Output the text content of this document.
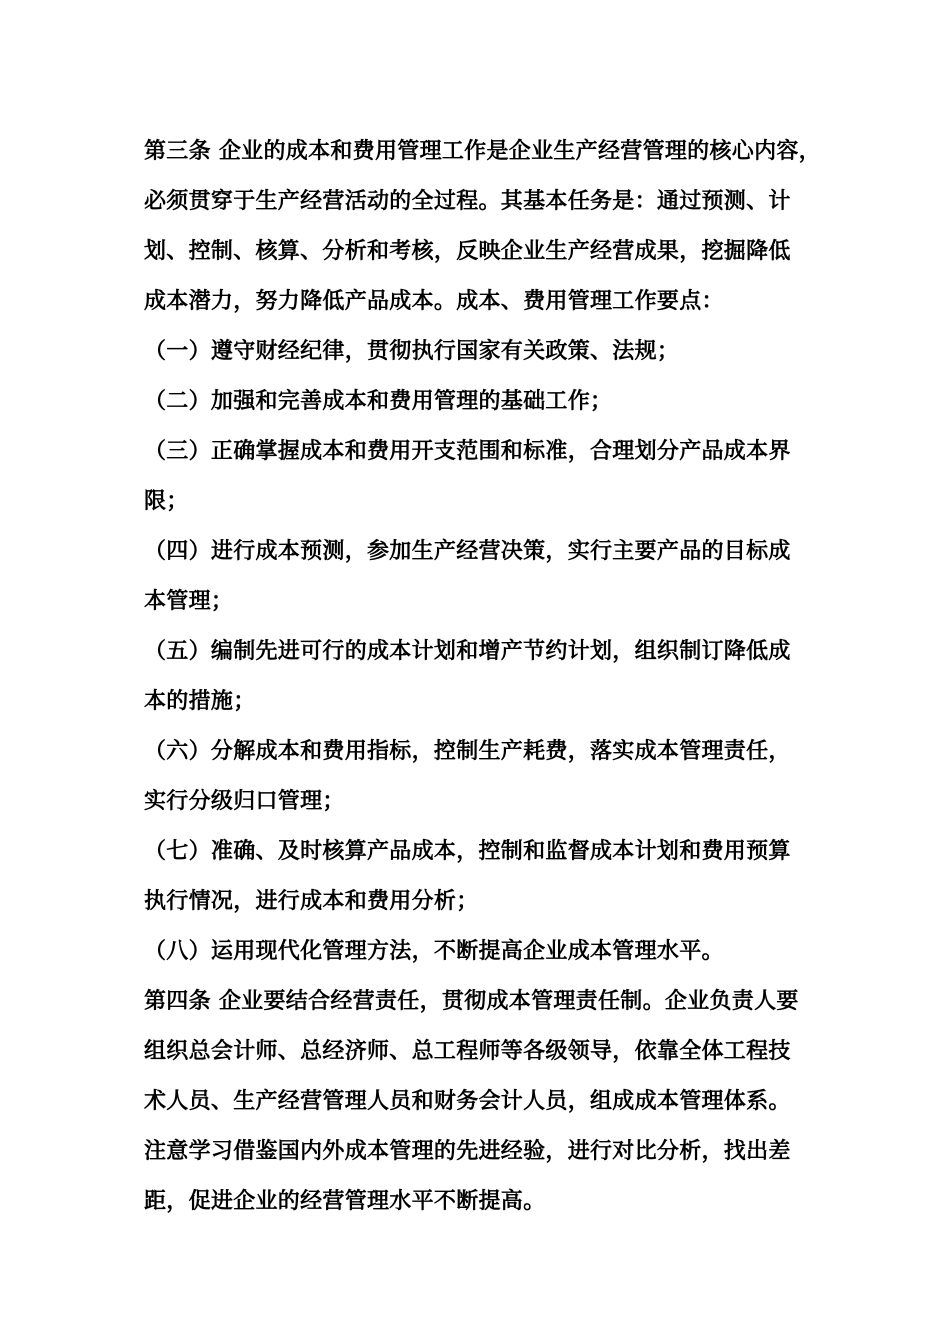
第三条 企业的成本和费用管理工作是企业生产经营管理的核心内容，
必须贯穿于生产经营活动的全过程。其基本任务是：通过预测、计
划、控制、核算、分析和考核，反映企业生产经营成果，挖掘降低
成本潜力，努力降低产品成本。成本、费用管理工作要点：
（一）遵守财经纪律，贯彻执行国家有关政策、法规；
（二）加强和完善成本和费用管理的基础工作；
（三）正确掌握成本和费用开支范围和标准，合理划分产品成本界
限；
（四）进行成本预测，参加生产经营决策，实行主要产品的目标成
本管理；
（五）编制先进可行的成本计划和增产节约计划，组织制订降低成
本的措施；
（六）分解成本和费用指标，控制生产耗费，落实成本管理责任，
实行分级归口管理；
（七）准确、及时核算产品成本，控制和监督成本计划和费用预算
执行情况，进行成本和费用分析；
（八）运用现代化管理方法，不断提高企业成本管理水平。
第四条 企业要结合经营责任，贯彻成本管理责任制。企业负责人要
组织总会计师、总经济师、总工程师等各级领导，依靠全体工程技
术人员、生产经营管理人员和财务会计人员，组成成本管理体系。
注意学习借鉴国内外成本管理的先进经验，进行对比分析，找出差
距，促进企业的经营管理水平不断提高。
